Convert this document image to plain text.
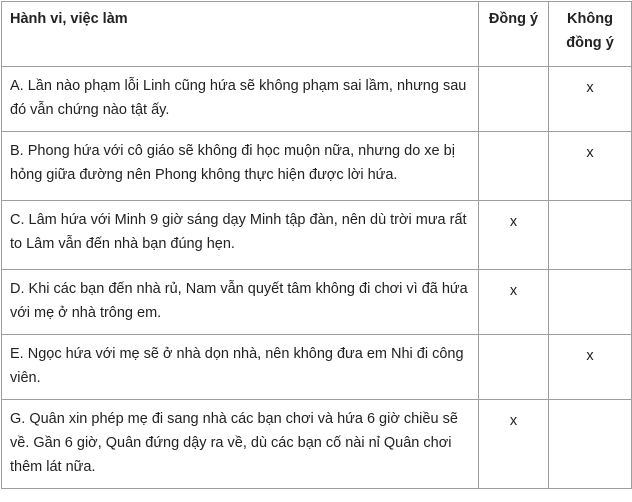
Hành vi, việc làm	Đồng ý	Không đồng ý
A. Lần nào phạm lỗi Linh cũng hứa sẽ không phạm sai lầm, nhưng sau đó vẫn chứng nào tật ấy.		x
B. Phong hứa với cô giáo sẽ không đi học muộn nữa, nhưng do xe bị hỏng giữa đường nên Phong không thực hiện được lời hứa.		x
C. Lâm hứa với Minh 9 giờ sáng dạy Minh tập đàn, nên dù trời mưa rất to Lâm vẫn đến nhà bạn đúng hẹn.	x	
D. Khi các bạn đến nhà rủ, Nam vẫn quyết tâm không đi chơi vì đã hứa với mẹ ở nhà trông em.	x	
E. Ngọc hứa với mẹ sẽ ở nhà dọn nhà, nên không đưa em Nhi đi công viên.		x
G. Quân xin phép mẹ đi sang nhà các bạn chơi và hứa 6 giờ chiều sẽ về. Gần 6 giờ, Quân đứng dậy ra về, dù các bạn cố nài nỉ Quân chơi thêm lát nữa.	x	
